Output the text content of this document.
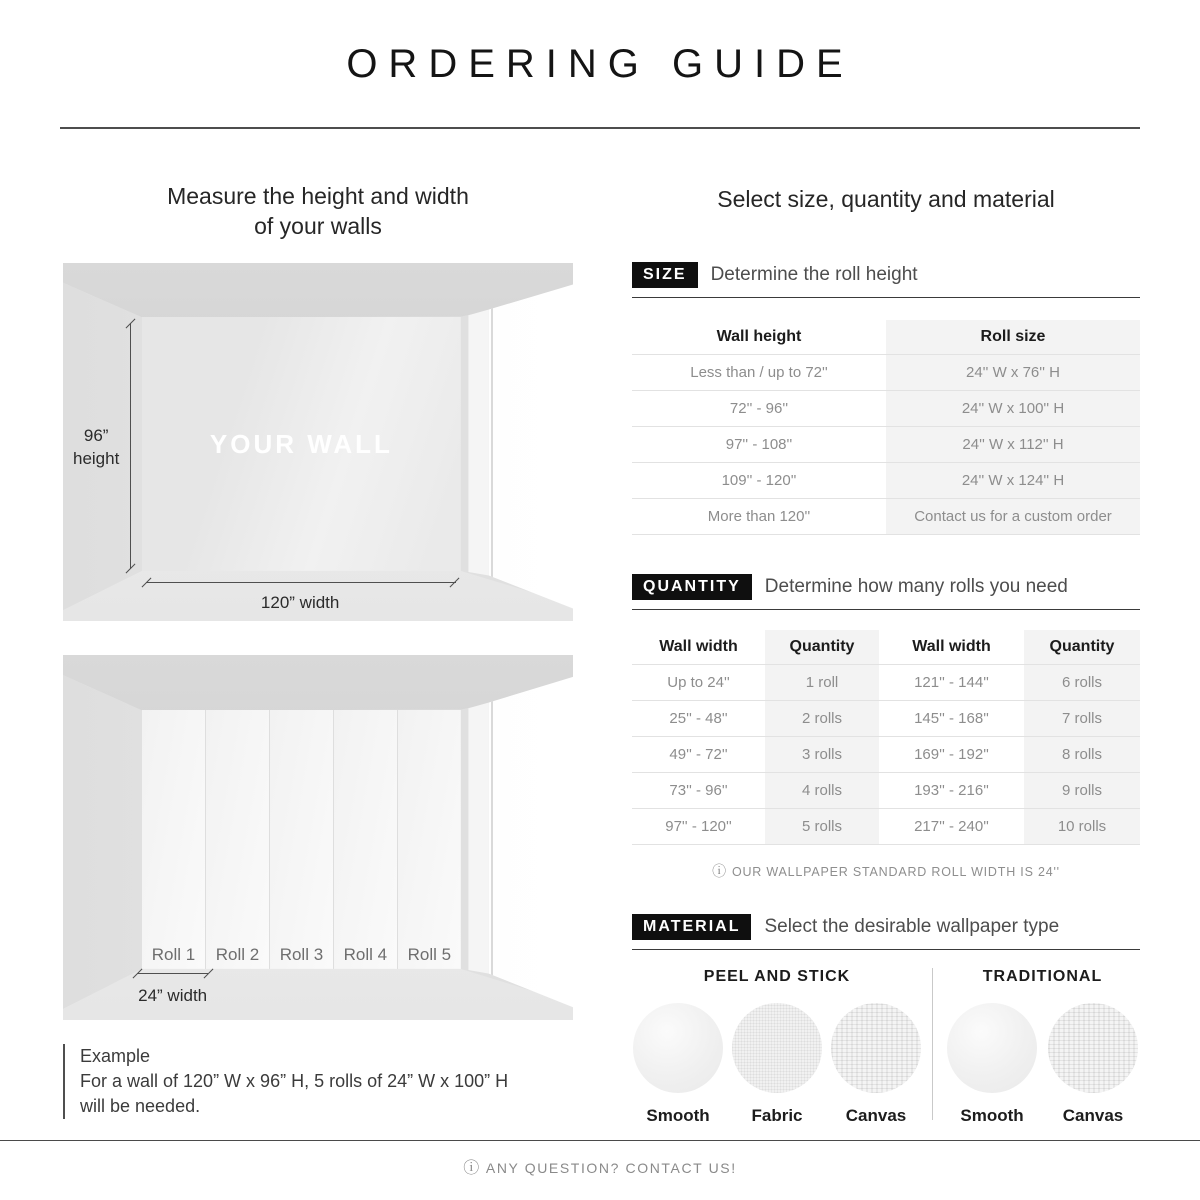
ORDERING GUIDE
Measure the height and width
of your walls
YOUR WALL
96”
height
120” width
Roll 1	Roll 2	Roll 3	Roll 4	Roll 5
24” width
Example
For a wall of 120” W x 96” H, 5 rolls of 24” W x 100” H
will be needed.
Select size, quantity and material
SIZE	Determine the roll height
Wall height	Roll size
Less than / up to 72''	24'' W x 76'' H
72'' - 96''	24'' W x 100'' H
97'' - 108''	24'' W x 112'' H
109'' - 120''	24'' W x 124'' H
More than 120''	Contact us for a custom order
QUANTITY	Determine how many rolls you need
Wall width	Quantity	Wall width	Quantity
Up to 24''	1 roll	121'' - 144''	6 rolls
25'' - 48''	2 rolls	145'' - 168''	7 rolls
49'' - 72''	3 rolls	169'' - 192''	8 rolls
73'' - 96''	4 rolls	193'' - 216''	9 rolls
97'' - 120''	5 rolls	217'' - 240''	10 rolls
ⓘ OUR WALLPAPER STANDARD ROLL WIDTH IS 24''
MATERIAL	Select the desirable wallpaper type
PEEL AND STICK
Smooth Fabric	Canvas
TRADITIONAL
Smooth Canvas
ⓘ ANY QUESTION? CONTACT US!
